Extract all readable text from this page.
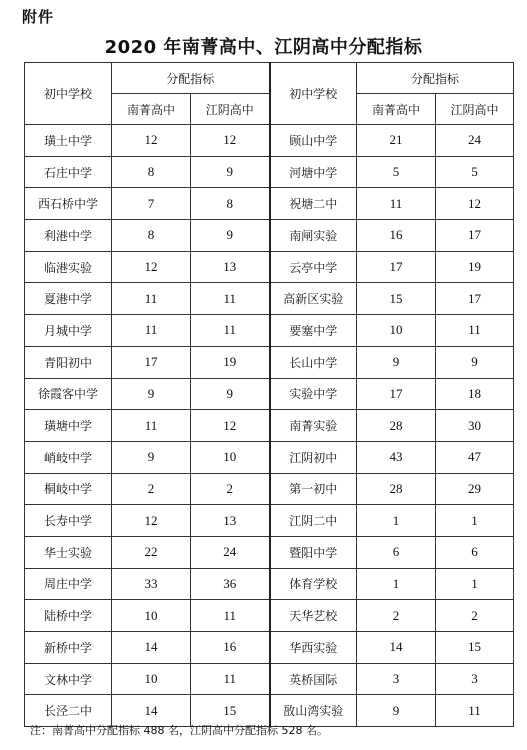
附件
2020 年南菁高中、江阴高中分配指标
初中学校	分配指标		初中学校	分配指标	
	南菁高中	江阴高中		南菁高中	江阴高中
璜土中学	12	12	顾山中学	21	24
石庄中学	8	9	河塘中学	5	5
西石桥中学	7	8	祝塘二中	11	12
利港中学	8	9	南闸实验	16	17
临港实验	12	13	云亭中学	17	19
夏港中学	11	11	高新区实验	15	17
月城中学	11	11	要塞中学	10	11
青阳初中	17	19	长山中学	9	9
徐霞客中学	9	9	实验中学	17	18
璜塘中学	11	12	南菁实验	28	30
峭岐中学	9	10	江阴初中	43	47
桐岐中学	2	2	第一初中	28	29
长寿中学	12	13	江阴二中	1	1
华士实验	22	24	暨阳中学	6	6
周庄中学	33	36	体育学校	1	1
陆桥中学	10	11	天华艺校	2	2
新桥中学	14	16	华西实验	14	15
文林中学	10	11	英桥国际	3	3
长泾二中	14	15	敔山湾实验	9	11
注：南菁高中分配指标 488 名，江阴高中分配指标 528 名。
